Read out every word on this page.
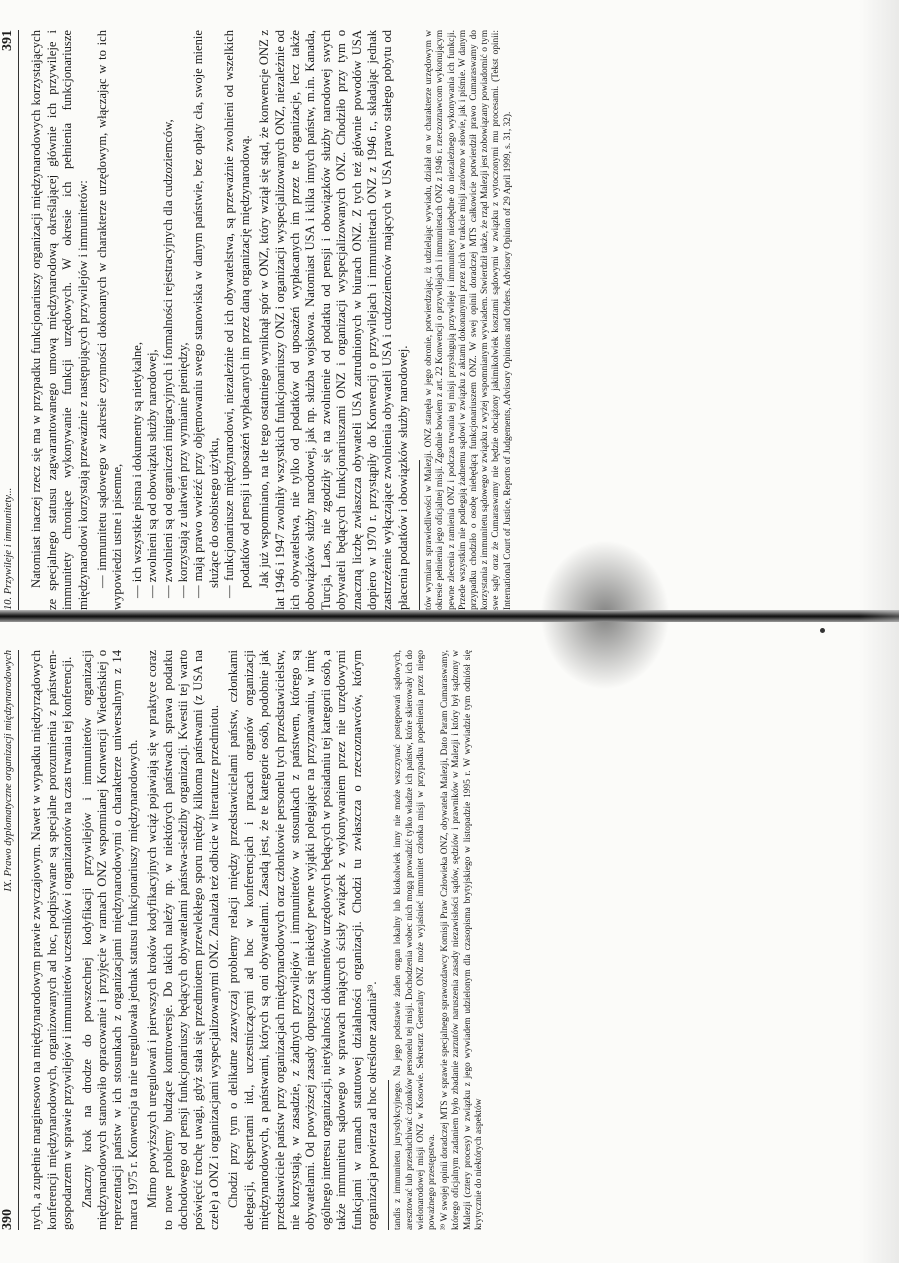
10. Przywileje i immunitety...
391 Natomiast inaczej rzecz się ma w przypadku funkcjonariuszy organizacji międzynarodowych korzystających ze specjalnego statusu zagwarantowanego umową międzynarodową określającej głównie ich przywileje i immunitety chroniące wykonywanie funkcji urzędowych. W okresie ich pełnienia funkcjonariusze międzynarodowi korzystają przeważnie z następujących przywilejów i immunitetów: — immunitetu sądowego w zakresie czynności dokonanych w charakterze urzędowym, włączając w to ich wypowiedzi ustne i pisemne, — ich wszystkie pisma i dokumenty są nietykalne, — zwolnieni są od obowiązku służby narodowej, — zwolnieni są od ograniczeń imigracyjnych i formalności rejestracyjnych dla cudzoziemców, — korzystają z ułatwień przy wymianie pieniędzy, — mają prawo wwieźć przy objęmowaniu swego stanowiska w danym państwie, bez opłaty cła, swoje mienie służące do osobistego użytku, — funkcjonariusze międzynarodowi, niezależnie od ich obywatelstwa, są przeważnie zwolnieni od wszelkich podatków od pensji i uposażeń wypłacanych im przez daną organizację międzynarodową. Jak już wspomniano, na tle tego ostatniego wyniknął spór w ONZ, który wziął się stąd, że konwencje ONZ z lat 1946 i 1947 zwolniły wszystkich funkcjonariuszy ONZ i organizacji wyspecjalizowanych ONZ, niezależnie od ich obywatelstwa, nie tylko od podatków od uposażeń wypłacanych im przez te organizacje, lecz także obowiązków służby narodowej, jak np. służba wojskowa. Natomiast USA i kilka innych państw, m.in. Kanada, Turcja, Laos, nie zgodziły się na zwolnienie od podatku od pensji i obowiązków służby narodowej swych obywateli będących funkcjonariuszami ONZ i organizacji wyspecjalizowanych ONZ. Chodziło przy tym o znaczną liczbę zwłaszcza obywateli USA zatrudnionych w biurach ONZ. Z tych też głównie powodów USA dopiero w 1970 r. przystąpiły do Konwencji o przywilejach i immunitetach ONZ z 1946 r., składając jednak zastrzeżenie wyłączające zwolnienia obywateli USA i cudzoziemców mających w USA prawo stałego pobytu od płacenia podatków i obowiązków służby narodowej. tów wymiaru sprawiedliwości w Malezji. ONZ stanęła w jego obronie, potwierdzając, iż udzielając wywiadu, działał on w charakterze urzędowym w okresie pełnienia jego oficjalnej misji. Zgodnie bowiem z art. 22 Konwencji o przywilejach i immunitetach ONZ z 1946 r. rzeczoznawcom wykonującym pewne zlecenia z ramienia ONZ i podczas trwania tej misji przysługują przywileje i immunitety niezbędne do niezależnego wykonywania ich funkcji. Przede wszystkim nie podlegają żadnemu sądowi w związku z aktami dokonanymi przez nich w trakcie misji zarówno w słowie, jak i piśmie. W danym przypadku chodziło o osobę niebędącą funkcjonariuszem ONZ. W swej opinii doradczej MTS całkowicie potwierdził prawo Cumaraswamy do korzystania z immunitetu sądowego w związku z wyżej wspomnianym wywiadem. Stwierdził także, że rząd Malezji jest zobowiązany powiadomić o tym swe sądy oraz że Cumaraswamy nie będzie obciążony jakimikolwiek kosztami sądowymi w związku z wytoczonymi mu procesami. (Tekst opinii: International Court of Justice, Reports of Judgements, Advisory Opinions and Orders. Advisory Opinion of 29 April 1999, s. 31, 32).

390
IX. Prawo dyplomatyczne organizacji międzynarodowych nych, a zupełnie marginesowo na międzynarodowym prawie zwyczajowym. Nawet w wypadku międzyrządowych konferencji międzynarodowych, organizowanych ad hoc, podpisywane są specjalne porozumienia z państwem-gospodarzem w sprawie przywilejów i immunitetów uczestników i organizatorów na czas trwania tej konferencji. Znaczny krok na drodze do powszechnej kodyfikacji przywilejów i immunitetów organizacji międzynarodowych stanowiło opracowanie i przyjęcie w ramach ONZ wspomnianej Konwencji Wiedeńskiej o reprezentacji państw w ich stosunkach z organizacjami międzynarodowymi o charakterze uniwersalnym z 14 marca 1975 r. Konwencja ta nie uregulowała jednak statusu funkcjonariuszy międzynarodowych. Mimo powyższych uregulowań i pierwszych kroków kodyfikacyjnych wciąż pojawiają się w praktyce coraz to nowe problemy budzące kontrowersje. Do takich należy np. w niektórych państwach sprawa podatku dochodowego od pensji funkcjonariuszy będących obywatelami państwa-siedziby organizacji. Kwestii tej warto poświęcić trochę uwagi, gdyż stała się przedmiotem przewlekłego sporu między kilkoma państwami (z USA na czele) a ONZ i organizacjami wyspecjalizowanymi ONZ. Znalazła też odbicie w literaturze przedmiotu. Chodzi przy tym o delikatne zazwyczaj problemy relacji między przedstawicielami państw, członkami delegacji, ekspertami itd., uczestniczącymi ad hoc w konferencjach i pracach organów organizacji międzynarodowych, a państwami, których są oni obywatelami. Zasadą jest, że te kategorie osób, podobnie jak przedstawiciele państw przy organizacjach międzynarodowych oraz członkowie personelu tych przedstawicielstw, nie korzystają, w zasadzie, z żadnych przywilejów i immunitetów w stosunkach z państwem, którego są obywatelami. Od powyższej zasady dopuszcza się niekiedy pewne wyjątki polegające na przyznawaniu, w imię ogólnego interesu organizacji, nietykalności dokumentów urzędowych będących w posiadaniu tej kategorii osób, a także immunitetu sądowego w sprawach mających ścisły związek z wykonywaniem przez nie urzędowymi funkcjami w ramach statutowej działalności organizacji. Chodzi tu zwłaszcza o rzeczoznawców, którym organizacja powierza ad hoc określone zadania³⁹. tandis z immunitetu jurysdykcyjnego. Na jego podstawie żaden organ lokalny lub kiokolwiek inny nie może wszczynać postępowań sądowych, aresztować lub przesłuchiwać członków personelu tej misji. Dochodzenia wobec nich mogą prowadzić tylko władze ich państw, które skierowały ich do wielonarodowej misji ONZ w Kosowie. Sekretarz Generalny ONZ może wyjaśnieć immunitet członka misji w przypadku popełnienia przez niego poważnego przestępstwa. ³⁹ W swojej opinii doradczej MTS w sprawie specjalnego sprawozdawcy Komisji Praw Człowieka ONZ, obywatela Malezji, Dato Param Cumaraswamy, którego oficjalnym zadaniem było zbadanie zarzutów naruszenia zasady niezawisłości sądów, sędziów i prawników w Malezji i który był sądzony w Malezji (cztery procesy) w związku z jego wywiadem udzielonym dla czasopisma brytyjskiego w listopadzie 1995 r. W wywiadzie tym odniósł się krytycznie do niektórych aspektów
